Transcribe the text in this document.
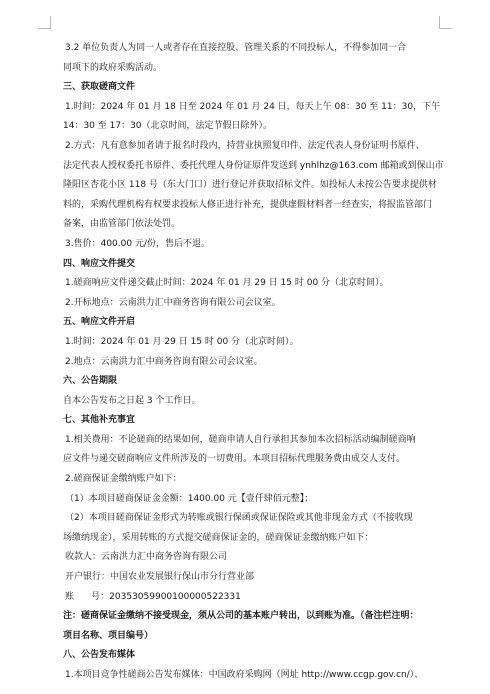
3.2 单位负责人为同一人或者存在直接控股、管理关系的不同投标人，不得参加同一合

同项下的政府采购活动。

三、获取磋商文件

1.时间：2024 年 01 月 18 日至 2024 年 01 月 24 日，每天上午 08：30 至 11：30，下午

14：30 至 17：30（北京时间，法定节假日除外）。

2.方式：凡有意参加者请于报名时段内，持营业执照复印件、法定代表人身份证明书原件、

法定代表人授权委托书原件、委托代理人身份证原件发送到 ynhlhz@163.com 邮箱或到保山市

隆阳区杏花小区 118 号（东大门口）进行登记并获取招标文件。如投标人未按公告要求提供材

料的，采购代理机构有权要求投标人修正进行补充，提供虚假材料者一经查实，将报监管部门

备案，由监管部门依法处罚。

3.售价：400.00 元/份，售后不退。

四、响应文件提交

1.磋商响应文件递交截止时间：2024 年 01 月 29 日 15 时 00 分（北京时间）。

2.开标地点：云南洪力汇中商务咨询有限公司会议室。

五、响应文件开启

1.时间：2024 年 01 月 29 日 15 时 00 分（北京时间）。

2.地点：云南洪力汇中商务咨询有限公司会议室。

六、公告期限

自本公告发布之日起 3 个工作日。

七、其他补充事宜

1.相关费用：不论磋商的结果如何，磋商申请人自行承担其参加本次招标活动编制磋商响

应文件与递交磋商响应文件所涉及的一切费用。本项目招标代理服务费由成交人支付。

2.磋商保证金缴纳账户如下：

（1）本项目磋商保证金金额：1400.00 元【壹仟肆佰元整】；

（2）本项目磋商保证金形式为转账或银行保函或保证保险或其他非现金方式（不接收现

场缴纳现金），采用转账的方式提交磋商保证金的，磋商保证金缴纳账户如下：

收款人：云南洪力汇中商务咨询有限公司

开户银行：中国农业发展银行保山市分行营业部

账      号：20353059900100000522331

注：磋商保证金缴纳不接受现金，须从公司的基本账户转出，以到账为准。（备注栏注明：

项目名称、项目编号）

八、公告发布媒体

1.本项目竞争性磋商公告发布媒体：中国政府采购网（网址 http://www.ccgp.gov.cn/）、
